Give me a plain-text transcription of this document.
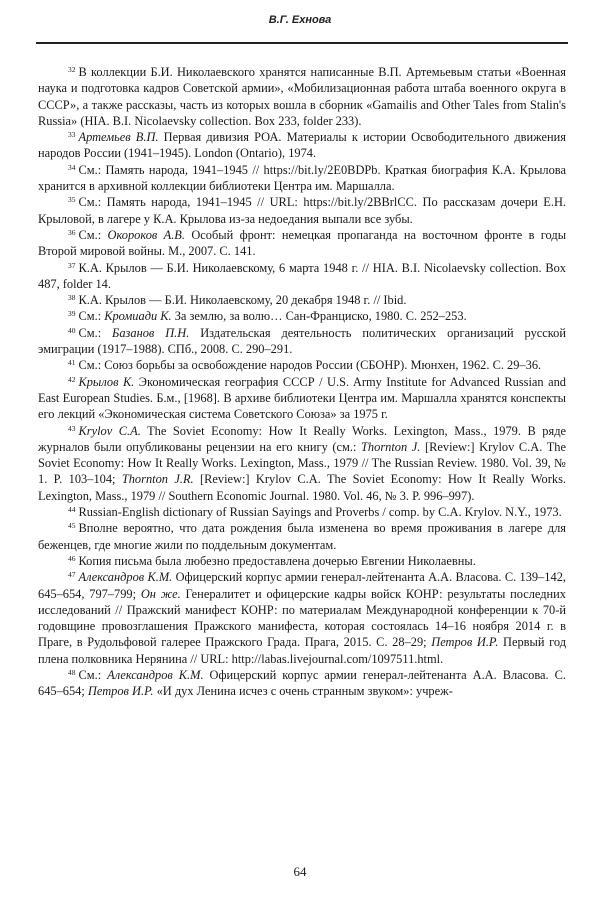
В.Г. Ехнова

$^{32}$ В коллекции Б.И. Николаевского хранятся написанные В.П. Артемьевым статьи «Военная наука и подготовка кадров Советской армии», «Мобилизационная работа штаба военного округа в СССР», а также рассказы, часть из которых вошла в сборник «Gamailis and Other Tales from Stalin's Russia» (HIA. B.I. Nicolaevsky collection. Box 233, folder 233).

$^{33}$ Артемьев В.П. Первая дивизия РОА. Материалы к истории Освободительного движения народов России (1941–1945). London (Ontario), 1974.

$^{34}$ См.: Память народа, 1941–1945 // https://bit.ly/2E0BDPb. Краткая биография К.А. Крылова хранится в архивной коллекции библиотеки Центра им. Маршалла.

$^{35}$ См.: Память народа, 1941–1945 // URL: https://bit.ly/2BBrlCC. По рассказам дочери Е.Н. Крыловой, в лагере у К.А. Крылова из-за недоедания выпали все зубы.

$^{36}$ См.: Окороков А.В. Особый фронт: немецкая пропаганда на восточном фронте в годы Второй мировой войны. М., 2007. С. 141.

$^{37}$ К.А. Крылов — Б.И. Николаевскому, 6 марта 1948 г. // HIA. B.I. Nicolaevsky collection. Box 487, folder 14.

$^{38}$ К.А. Крылов — Б.И. Николаевскому, 20 декабря 1948 г. // Ibid.

$^{39}$ См.: Кромиади К. За землю, за волю… Сан-Франциско, 1980. С. 252–253.

$^{40}$ См.: Базанов П.Н. Издательская деятельность политических организаций русской эмиграции (1917–1988). СПб., 2008. С. 290–291.

$^{41}$ См.: Союз борьбы за освобождение народов России (СБОНР). Мюнхен, 1962. С. 29–36.

$^{42}$ Крылов К. Экономическая география СССР / U.S. Army Institute for Advanced Russian and East European Studies. Б.м., [1968]. В архиве библиотеки Центра им. Маршалла хранятся конспекты его лекций «Экономическая система Советского Союза» за 1975 г.

$^{43}$ Krylov C.A. The Soviet Economy: How It Really Works. Lexington, Mass., 1979. В ряде журналов были опубликованы рецензии на его книгу (см.: Thornton J. [Review:] Krylov C.A. The Soviet Economy: How It Really Works. Lexington, Mass., 1979 // The Russian Review. 1980. Vol. 39, № 1. P. 103–104; Thornton J.R. [Review:] Krylov C.A. The Soviet Economy: How It Really Works. Lexington, Mass., 1979 // Southern Economic Journal. 1980. Vol. 46, № 3. P. 996–997).

$^{44}$ Russian-English dictionary of Russian Sayings and Proverbs / comp. by C.A. Krylov. N.Y., 1973.

$^{45}$ Вполне вероятно, что дата рождения была изменена во время проживания в лагере для беженцев, где многие жили по поддельным документам.

$^{46}$ Копия письма была любезно предоставлена дочерью Евгении Николаевны.

$^{47}$ Александров К.М. Офицерский корпус армии генерал-лейтенанта А.А. Власова. С. 139–142, 645–654, 797–799; Он же. Генералитет и офицерские кадры войск КОНР: результаты последних исследований // Пражский манифест КОНР: по материалам Международной конференции к 70-й годовщине провозглашения Пражского манифеста, которая состоялась 14–16 ноября 2014 г. в Праге, в Рудольфовой галерее Пражского Града. Прага, 2015. С. 28–29; Петров И.Р. Первый год плена полковника Нерянина // URL: http://labas.livejournal.com/1097511.html.

$^{48}$ См.: Александров К.М. Офицерский корпус армии генерал-лейтенанта А.А. Власова. С. 645–654; Петров И.Р. «И дух Ленина исчез с очень странным звуком»: учреж-

64
